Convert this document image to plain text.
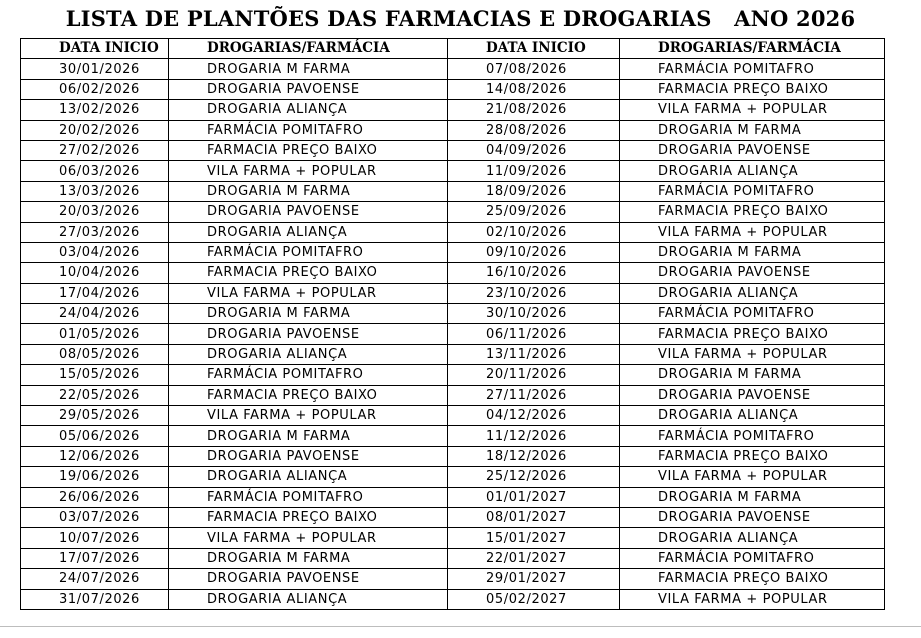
LISTA DE PLANTÕES DAS FARMACIAS E DROGARIAS   ANO 2026
DATA INICIO	DROGARIAS/FARMÁCIA	DATA INICIO	DROGARIAS/FARMÁCIA
30/01/2026	DROGARIA M FARMA	07/08/2026	FARMÁCIA POMITAFRO
06/02/2026	DROGARIA PAVOENSE	14/08/2026	FARMACIA PREÇO BAIXO
13/02/2026	DROGARIA ALIANÇA	21/08/2026	VILA FARMA + POPULAR
20/02/2026	FARMÁCIA POMITAFRO	28/08/2026	DROGARIA M FARMA
27/02/2026	FARMACIA PREÇO BAIXO	04/09/2026	DROGARIA PAVOENSE
06/03/2026	VILA FARMA + POPULAR	11/09/2026	DROGARIA ALIANÇA
13/03/2026	DROGARIA M FARMA	18/09/2026	FARMÁCIA POMITAFRO
20/03/2026	DROGARIA PAVOENSE	25/09/2026	FARMACIA PREÇO BAIXO
27/03/2026	DROGARIA ALIANÇA	02/10/2026	VILA FARMA + POPULAR
03/04/2026	FARMÁCIA POMITAFRO	09/10/2026	DROGARIA M FARMA
10/04/2026	FARMACIA PREÇO BAIXO	16/10/2026	DROGARIA PAVOENSE
17/04/2026	VILA FARMA + POPULAR	23/10/2026	DROGARIA ALIANÇA
24/04/2026	DROGARIA M FARMA	30/10/2026	FARMÁCIA POMITAFRO
01/05/2026	DROGARIA PAVOENSE	06/11/2026	FARMACIA PREÇO BAIXO
08/05/2026	DROGARIA ALIANÇA	13/11/2026	VILA FARMA + POPULAR
15/05/2026	FARMÁCIA POMITAFRO	20/11/2026	DROGARIA M FARMA
22/05/2026	FARMACIA PREÇO BAIXO	27/11/2026	DROGARIA PAVOENSE
29/05/2026	VILA FARMA + POPULAR	04/12/2026	DROGARIA ALIANÇA
05/06/2026	DROGARIA M FARMA	11/12/2026	FARMÁCIA POMITAFRO
12/06/2026	DROGARIA PAVOENSE	18/12/2026	FARMACIA PREÇO BAIXO
19/06/2026	DROGARIA ALIANÇA	25/12/2026	VILA FARMA + POPULAR
26/06/2026	FARMÁCIA POMITAFRO	01/01/2027	DROGARIA M FARMA
03/07/2026	FARMACIA PREÇO BAIXO	08/01/2027	DROGARIA PAVOENSE
10/07/2026	VILA FARMA + POPULAR	15/01/2027	DROGARIA ALIANÇA
17/07/2026	DROGARIA M FARMA	22/01/2027	FARMÁCIA POMITAFRO
24/07/2026	DROGARIA PAVOENSE	29/01/2027	FARMACIA PREÇO BAIXO
31/07/2026	DROGARIA ALIANÇA	05/02/2027	VILA FARMA + POPULAR
